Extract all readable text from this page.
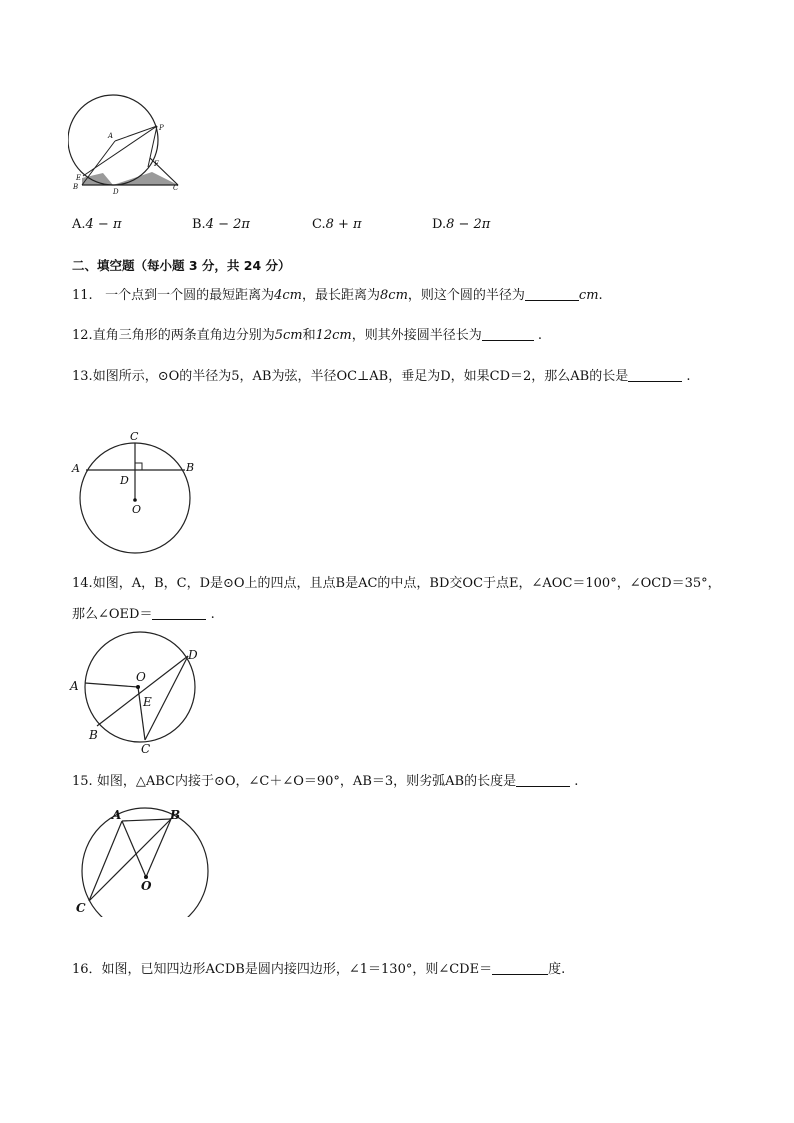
A
P
E
F
B
D	C
A.4 − π	B.4 − 2π	C.8 + π	D.8 − 2π
二、填空题（每小题 3 分，共 24 分）
11. 一个点到一个圆的最短距离为4cm，最长距离为8cm，则这个圆的半径为	cm.
12.直角三角形的两条直角边分别为5cm和12cm，则其外接圆半径长为	.
13.如图所示，⊙O的半径为5，AB为弦，半径OC⊥AB，垂足为D，如果CD＝2，那么AB的长是	.
C
A	B
D
O
14.如图，A，B，C，D是⊙O上的四点，且点B是AC的中点，BD交OC于点E，∠AOC＝100°，∠OCD＝35°，
那么∠OED＝	.
D
O
A
E
B
C
15. 如图，△ABC内接于⊙O，∠C＋∠O＝90°，AB＝3，则劣弧AB的长度是	.
A	B
O
C
16．如图，已知四边形ACDB是圆内接四边形，∠1＝130°，则∠CDE＝	度.
